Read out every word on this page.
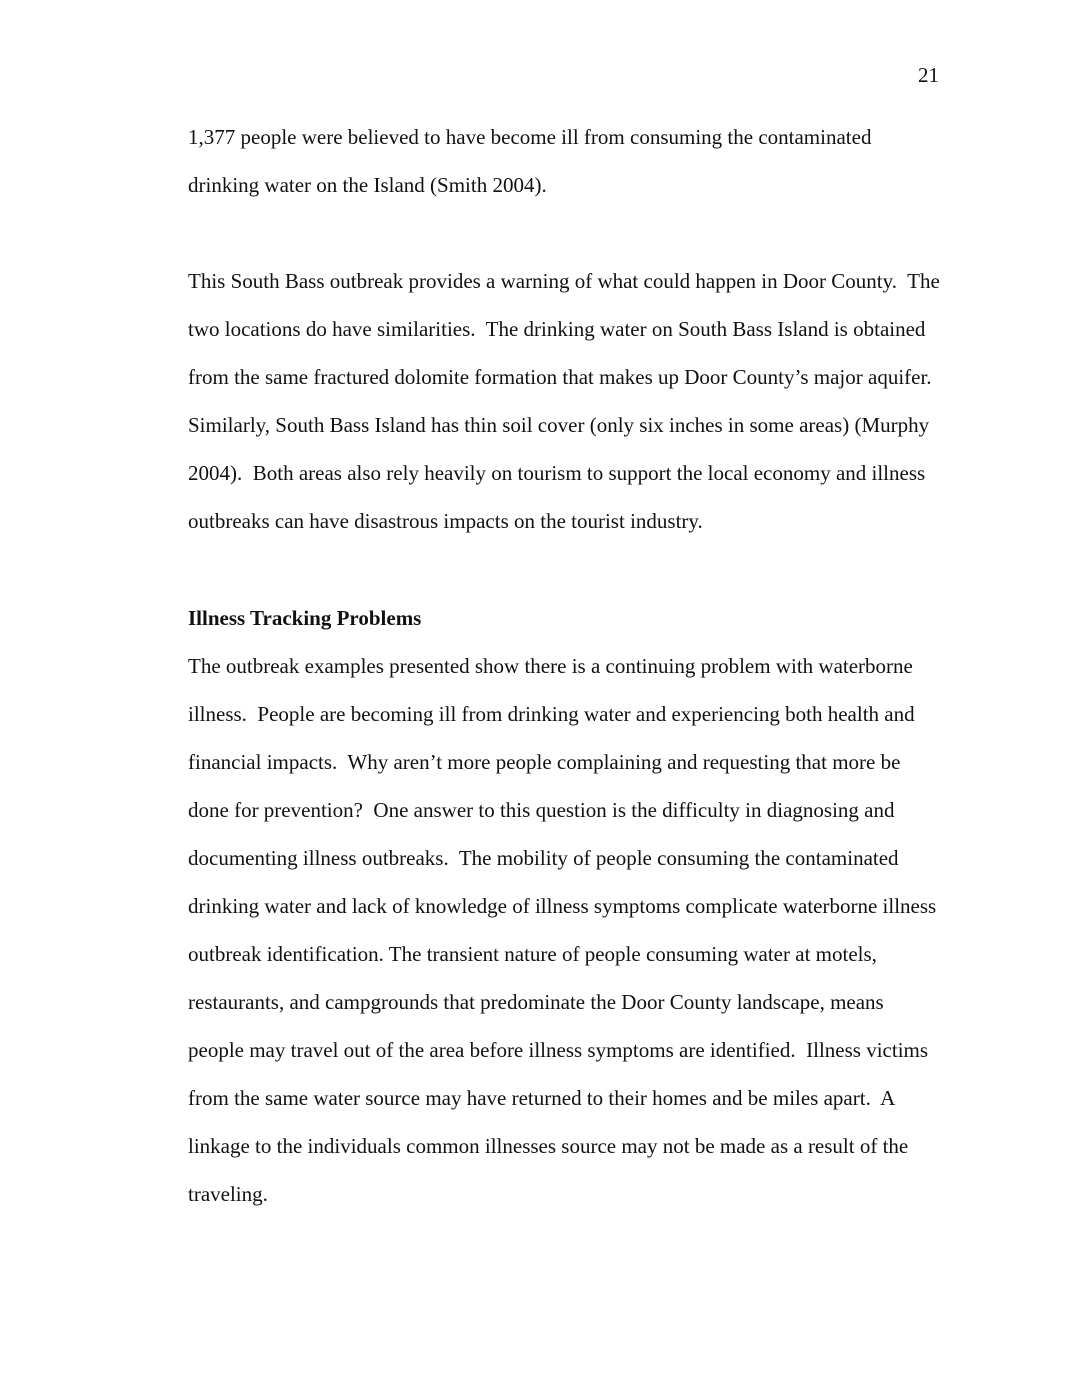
21
1,377 people were believed to have become ill from consuming the contaminated
drinking water on the Island (Smith 2004).
This South Bass outbreak provides a warning of what could happen in Door County.  The
two locations do have similarities.  The drinking water on South Bass Island is obtained
from the same fractured dolomite formation that makes up Door County’s major aquifer.
Similarly, South Bass Island has thin soil cover (only six inches in some areas) (Murphy
2004).  Both areas also rely heavily on tourism to support the local economy and illness
outbreaks can have disastrous impacts on the tourist industry.
Illness Tracking Problems
The outbreak examples presented show there is a continuing problem with waterborne
illness.  People are becoming ill from drinking water and experiencing both health and
financial impacts.  Why aren’t more people complaining and requesting that more be
done for prevention?  One answer to this question is the difficulty in diagnosing and
documenting illness outbreaks.  The mobility of people consuming the contaminated
drinking water and lack of knowledge of illness symptoms complicate waterborne illness
outbreak identification. The transient nature of people consuming water at motels,
restaurants, and campgrounds that predominate the Door County landscape, means
people may travel out of the area before illness symptoms are identified.  Illness victims
from the same water source may have returned to their homes and be miles apart.  A
linkage to the individuals common illnesses source may not be made as a result of the
traveling.
